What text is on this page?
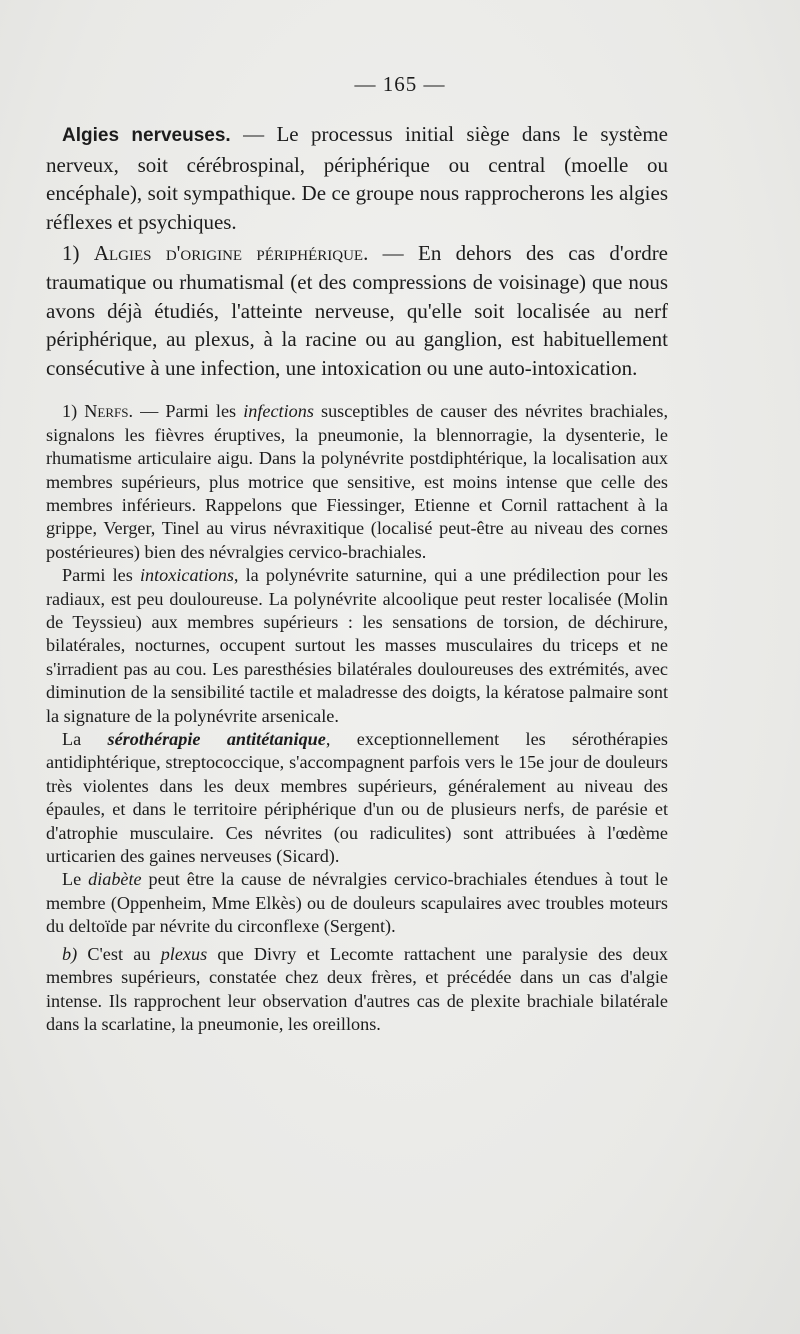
— 165 —

Algies nerveuses. — Le processus initial siège dans le système nerveux, soit cérébrospinal, périphérique ou central (moelle ou encéphale), soit sympathique. De ce groupe nous rapprocherons les algies réflexes et psychiques.

1) Algies d'origine périphérique. — En dehors des cas d'ordre traumatique ou rhumatismal (et des compressions de voisinage) que nous avons déjà étudiés, l'atteinte nerveuse, qu'elle soit localisée au nerf périphérique, au plexus, à la racine ou au ganglion, est habituellement consécutive à une infection, une intoxication ou une auto-intoxication.

1) Nerfs. — Parmi les infections susceptibles de causer des névrites brachiales, signalons les fièvres éruptives, la pneumonie, la blennorragie, la dysenterie, le rhumatisme articulaire aigu. Dans la polynévrite postdiphtérique, la localisation aux membres supérieurs, plus motrice que sensitive, est moins intense que celle des membres inférieurs. Rappelons que Fiessinger, Etienne et Cornil rattachent à la grippe, Verger, Tinel au virus névraxitique (localisé peut-être au niveau des cornes postérieures) bien des névralgies cervico-brachiales.

Parmi les intoxications, la polynévrite saturnine, qui a une prédilection pour les radiaux, est peu douloureuse. La polynévrite alcoolique peut rester localisée (Molin de Teyssieu) aux membres supérieurs : les sensations de torsion, de déchirure, bilatérales, nocturnes, occupent surtout les masses musculaires du triceps et ne s'irradient pas au cou. Les paresthésies bilatérales douloureuses des extrémités, avec diminution de la sensibilité tactile et maladresse des doigts, la kératose palmaire sont la signature de la polynévrite arsenicale.

La sérothérapie antitétanique, exceptionnellement les sérothérapies antidiphtérique, streptococcique, s'accompagnent parfois vers le 15e jour de douleurs très violentes dans les deux membres supérieurs, généralement au niveau des épaules, et dans le territoire périphérique d'un ou de plusieurs nerfs, de parésie et d'atrophie musculaire. Ces névrites (ou radiculites) sont attribuées à l'œdème urticarien des gaines nerveuses (Sicard).

Le diabète peut être la cause de névralgies cervico-brachiales étendues à tout le membre (Oppenheim, Mme Elkès) ou de douleurs scapulaires avec troubles moteurs du deltoïde par névrite du circonflexe (Sergent).

b) C'est au plexus que Divry et Lecomte rattachent une paralysie des deux membres supérieurs, constatée chez deux frères, et précédée dans un cas d'algie intense. Ils rapprochent leur observation d'autres cas de plexite brachiale bilatérale dans la scarlatine, la pneumonie, les oreillons.
